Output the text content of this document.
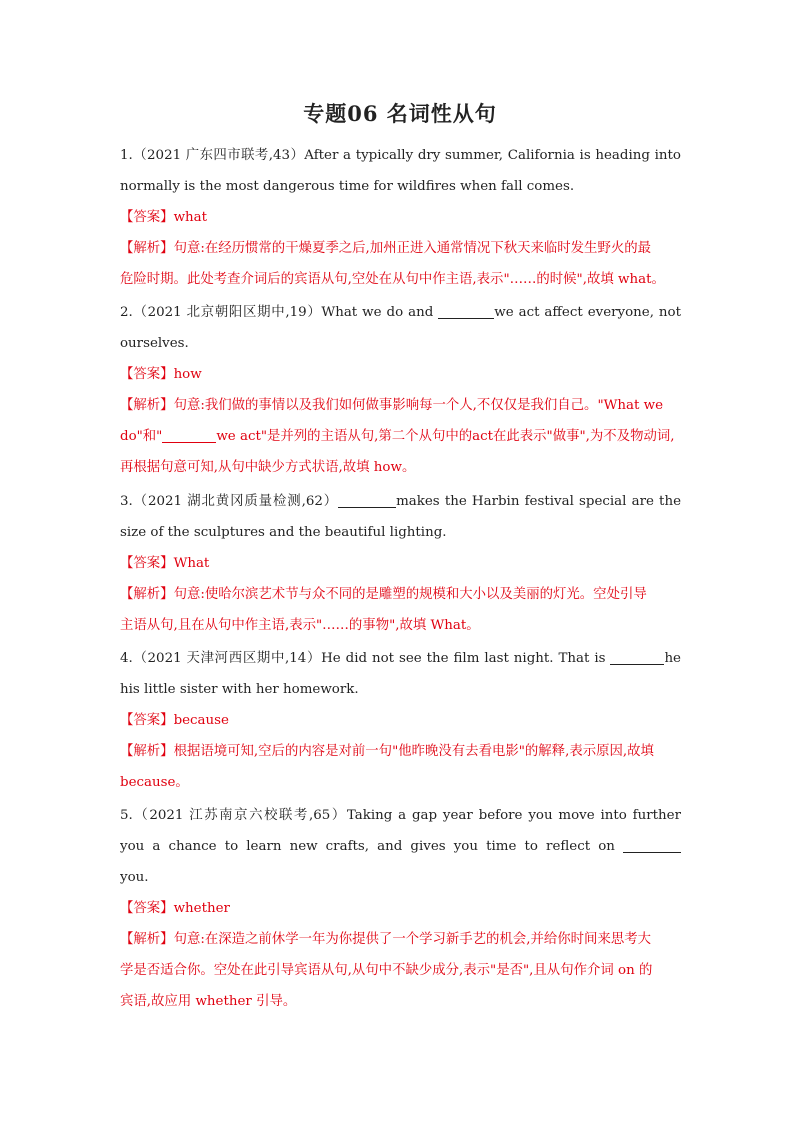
专题06 名词性从句
1.（2021 广东四市联考,43）After a typically dry summer, California is heading into
normally is the most dangerous time for wildfires when fall comes.
【答案】what
【解析】句意:在经历惯常的干燥夏季之后,加州正进入通常情况下秋天来临时发生野火的最
危险时期。此处考查介词后的宾语从句,空处在从句中作主语,表示"……的时候",故填 what。
2.（2021 北京朝阳区期中,19）What we do and	we act affect everyone, not
ourselves.
【答案】how
【解析】句意:我们做的事情以及我们如何做事影响每一个人,不仅仅是我们自己。"What we
do"和"	we act"是并列的主语从句,第二个从句中的act在此表示"做事",为不及物动词,
再根据句意可知,从句中缺少方式状语,故填 how。
3.（2021 湖北黄冈质量检测,62）	makes the Harbin festival special are the
size of the sculptures and the beautiful lighting.
【答案】What
【解析】句意:使哈尔滨艺术节与众不同的是雕塑的规模和大小以及美丽的灯光。空处引导
主语从句,且在从句中作主语,表示"……的事物",故填 What。
4.（2021 天津河西区期中,14）He did not see the film last night. That is	he
his little sister with her homework.
【答案】because
【解析】根据语境可知,空后的内容是对前一句"他昨晚没有去看电影"的解释,表示原因,故填
because。
5.（2021 江苏南京六校联考,65）Taking a gap year before you move into further
you a chance to learn new crafts, and gives you time to reflect on
you.
【答案】whether
【解析】句意:在深造之前休学一年为你提供了一个学习新手艺的机会,并给你时间来思考大
学是否适合你。空处在此引导宾语从句,从句中不缺少成分,表示"是否",且从句作介词 on 的
宾语,故应用 whether 引导。
